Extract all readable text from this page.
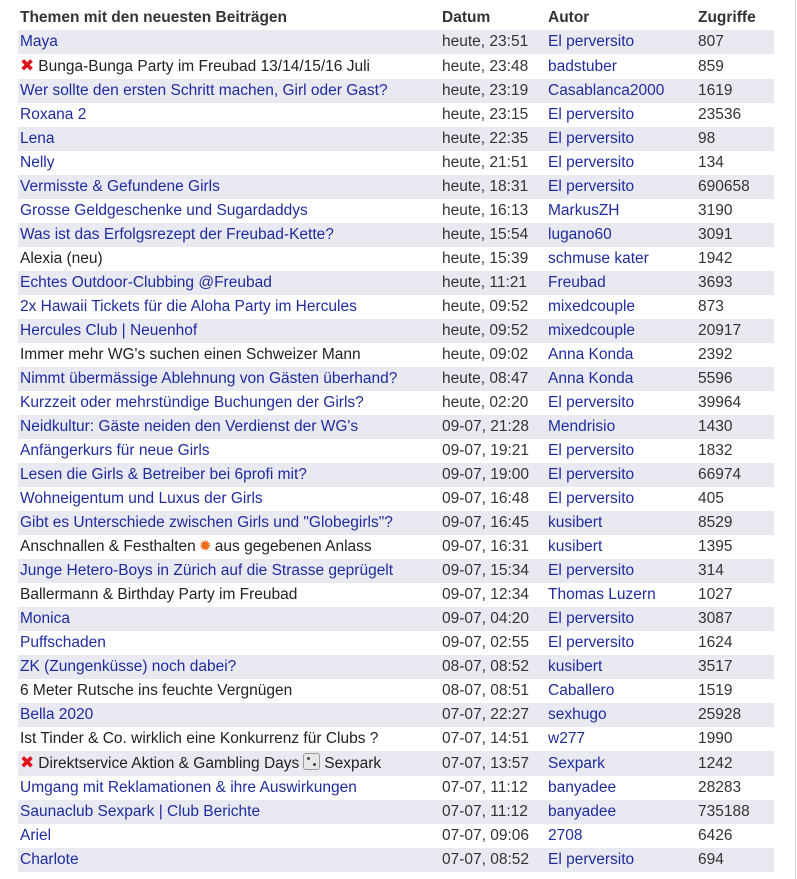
Themen mit den neuesten Beiträgen	Datum	Autor	Zugriffe
Maya	heute, 23:51	El perversito	807
✖ Bunga-Bunga Party im Freubad 13/14/15/16 Juli	heute, 23:48	badstuber	859
Wer sollte den ersten Schritt machen, Girl oder Gast?	heute, 23:19	Casablanca2000	1619
Roxana 2	heute, 23:15	El perversito	23536
Lena	heute, 22:35	El perversito	98
Nelly	heute, 21:51	El perversito	134
Vermisste & Gefundene Girls	heute, 18:31	El perversito	690658
Grosse Geldgeschenke und Sugardaddys	heute, 16:13	MarkusZH	3190
Was ist das Erfolgsrezept der Freubad-Kette?	heute, 15:54	lugano60	3091
Alexia (neu)	heute, 15:39	schmuse kater	1942
Echtes Outdoor-Clubbing @Freubad	heute, 11:21	Freubad	3693
2x Hawaii Tickets für die Aloha Party im Hercules	heute, 09:52	mixedcouple	873
Hercules Club | Neuenhof	heute, 09:52	mixedcouple	20917
Immer mehr WG's suchen einen Schweizer Mann	heute, 09:02	Anna Konda	2392
Nimmt übermässige Ablehnung von Gästen überhand?	heute, 08:47	Anna Konda	5596
Kurzzeit oder mehrstündige Buchungen der Girls?	heute, 02:20	El perversito	39964
Neidkultur: Gäste neiden den Verdienst der WG's	09-07, 21:28	Mendrisio	1430
Anfängerkurs für neue Girls	09-07, 19:21	El perversito	1832
Lesen die Girls & Betreiber bei 6profi mit?	09-07, 19:00	El perversito	66974
Wohneigentum und Luxus der Girls	09-07, 16:48	El perversito	405
Gibt es Unterschiede zwischen Girls und "Globegirls"?	09-07, 16:45	kusibert	8529
Anschnallen & Festhalten ✹ aus gegebenen Anlass	09-07, 16:31	kusibert	1395
Junge Hetero-Boys in Zürich auf die Strasse geprügelt	09-07, 15:34	El perversito	314
Ballermann & Birthday Party im Freubad	09-07, 12:34	Thomas Luzern	1027
Monica	09-07, 04:20	El perversito	3087
Puffschaden	09-07, 02:55	El perversito	1624
ZK (Zungenküsse) noch dabei?	08-07, 08:52	kusibert	3517
6 Meter Rutsche ins feuchte Vergnügen	08-07, 08:51	Caballero	1519
Bella 2020	07-07, 22:27	sexhugo	25928
Ist Tinder & Co. wirklich eine Konkurrenz für Clubs ?	07-07, 14:51	w277	1990
✖ Direktservice Aktion & Gambling Days Sexpark	07-07, 13:57	Sexpark	1242
Umgang mit Reklamationen & ihre Auswirkungen	07-07, 11:12	banyadee	28283
Saunaclub Sexpark | Club Berichte	07-07, 11:12	banyadee	735188
Ariel	07-07, 09:06	2708	6426
Charlote	07-07, 08:52	El perversito	694
